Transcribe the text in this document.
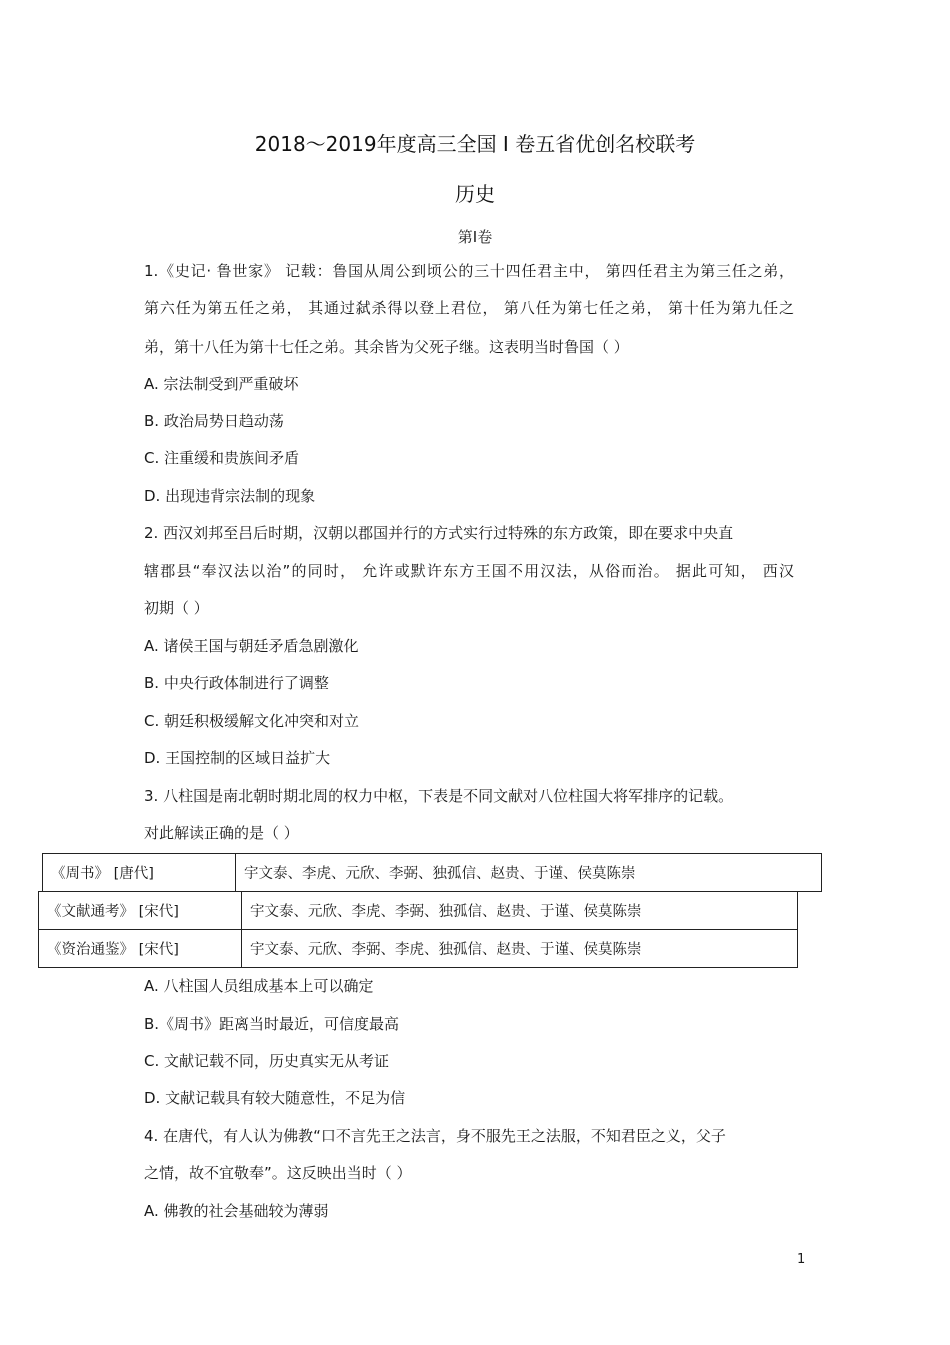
2018～2019年度高三全国 Ⅰ 卷五省优创名校联考
历史
第Ⅰ卷
1.《史记· 鲁世家》 记载：鲁国从周公到顷公的三十四任君主中， 第四任君主为第三任之弟，
第六任为第五任之弟， 其通过弑杀得以登上君位， 第八任为第七任之弟， 第十任为第九任之
弟，第十八任为第十七任之弟。其余皆为父死子继。这表明当时鲁国（ ）
A. 宗法制受到严重破坏
B. 政治局势日趋动荡
C. 注重缓和贵族间矛盾
D. 出现违背宗法制的现象
2. 西汉刘邦至吕后时期，汉朝以郡国并行的方式实行过特殊的东方政策，即在要求中央直
辖郡县“奉汉法以治”的同时， 允许或默许东方王国不用汉法，从俗而治。 据此可知， 西汉
初期（ ）
A. 诸侯王国与朝廷矛盾急剧激化
B. 中央行政体制进行了调整
C. 朝廷积极缓解文化冲突和对立
D. 王国控制的区域日益扩大
3. 八柱国是南北朝时期北周的权力中枢，下表是不同文献对八位柱国大将军排序的记载。
对此解读正确的是（ ）
《周书》 [唐代]	宇文泰、李虎、元欣、李弼、独孤信、赵贵、于谨、侯莫陈崇
《文献通考》 [宋代]	宇文泰、元欣、李虎、李弼、独孤信、赵贵、于谨、侯莫陈崇
《资治通鉴》 [宋代]	宇文泰、元欣、李弼、李虎、独孤信、赵贵、于谨、侯莫陈崇
A. 八柱国人员组成基本上可以确定
B.《周书》距离当时最近，可信度最高
C. 文献记载不同，历史真实无从考证
D. 文献记载具有较大随意性，不足为信
4. 在唐代，有人认为佛教“口不言先王之法言，身不服先王之法服，不知君臣之义，父子
之情，故不宜敬奉”。这反映出当时（ ）
A. 佛教的社会基础较为薄弱
1
